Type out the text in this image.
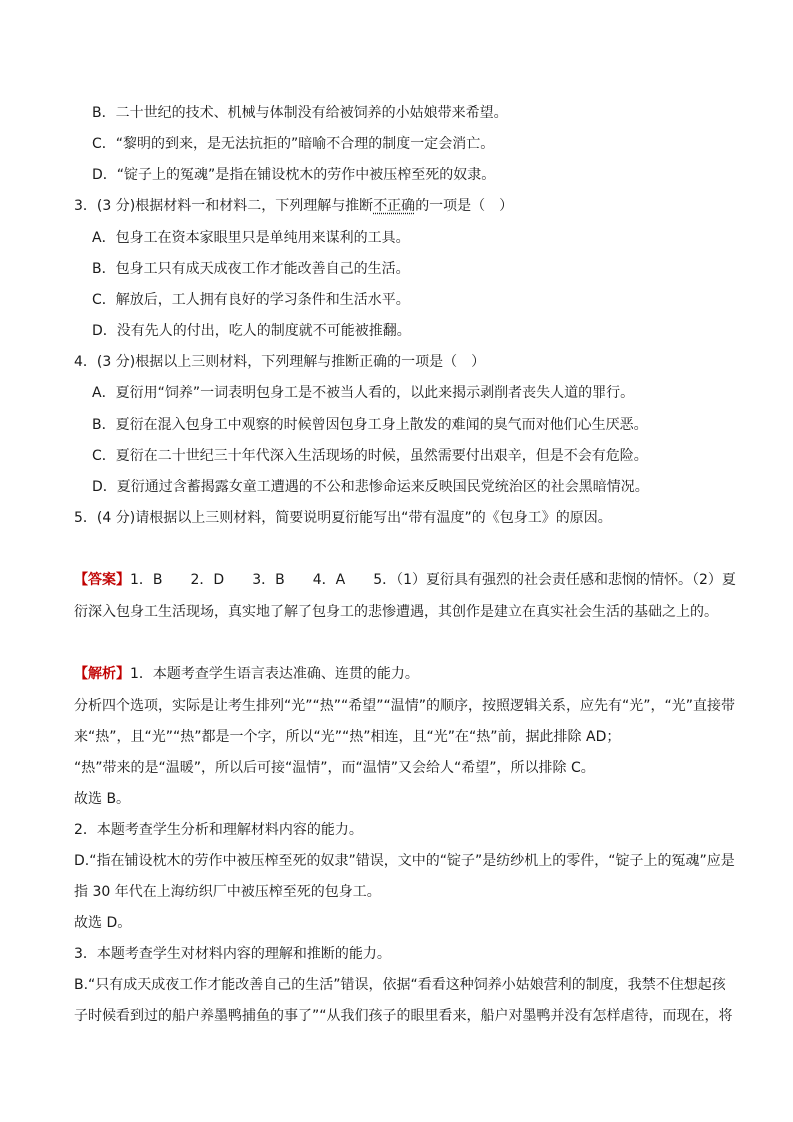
B．二十世纪的技术、机械与体制没有给被饲养的小姑娘带来希望。
C．“黎明的到来，是无法抗拒的”暗喻不合理的制度一定会消亡。
D．“锭子上的冤魂”是指在铺设枕木的劳作中被压榨至死的奴隶。
3．(3 分)根据材料一和材料二，下列理解与推断不正确的一项是（　）
A．包身工在资本家眼里只是单纯用来谋利的工具。
B．包身工只有成天成夜工作才能改善自己的生活。
C．解放后，工人拥有良好的学习条件和生活水平。
D．没有先人的付出，吃人的制度就不可能被推翻。
4．(3 分)根据以上三则材料，下列理解与推断正确的一项是（　）
A．夏衍用“饲养”一词表明包身工是不被当人看的，以此来揭示剥削者丧失人道的罪行。
B．夏衍在混入包身工中观察的时候曾因包身工身上散发的难闻的臭气而对他们心生厌恶。
C．夏衍在二十世纪三十年代深入生活现场的时候，虽然需要付出艰辛，但是不会有危险。
D．夏衍通过含蓄揭露女童工遭遇的不公和悲惨命运来反映国民党统治区的社会黑暗情况。
5．(4 分)请根据以上三则材料，简要说明夏衍能写出“带有温度”的《包身工》的原因。
【答案】1．B　　2．D　　3．B　　4．A　　5．（1）夏衍具有强烈的社会责任感和悲悯的情怀。（2）夏
衍深入包身工生活现场，真实地了解了包身工的悲惨遭遇，其创作是建立在真实社会生活的基础之上的。
【解析】1．本题考查学生语言表达准确、连贯的能力。
分析四个选项，实际是让考生排列“光”“热”“希望”“温情”的顺序，按照逻辑关系，应先有“光”，“光”直接带
来“热”，且“光”“热”都是一个字，所以“光”“热”相连，且“光”在“热”前，据此排除 AD；
“热”带来的是“温暖”，所以后可接“温情”，而“温情”又会给人“希望”，所以排除 C。
故选 B。
2．本题考查学生分析和理解材料内容的能力。
D.“指在铺设枕木的劳作中被压榨至死的奴隶”错误，文中的“锭子”是纺纱机上的零件，“锭子上的冤魂”应是
指 30 年代在上海纺织厂中被压榨至死的包身工。
故选 D。
3．本题考查学生对材料内容的理解和推断的能力。
B.“只有成天成夜工作才能改善自己的生活”错误，依据“看看这种饲养小姑娘营利的制度，我禁不住想起孩
子时候看到过的船户养墨鸭捕鱼的事了”“从我们孩子的眼里看来，船户对墨鸭并没有怎样虐待，而现在，将
